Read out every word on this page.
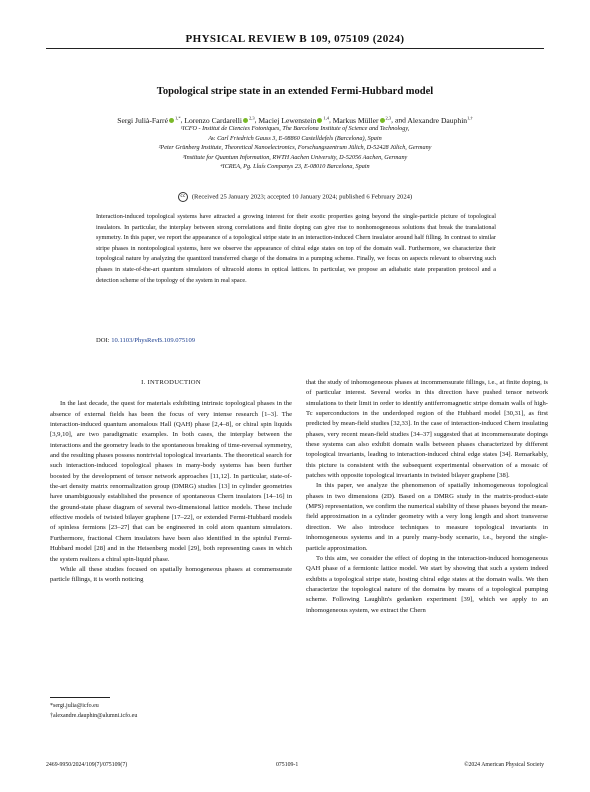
PHYSICAL REVIEW B 109, 075109 (2024)
Topological stripe state in an extended Fermi-Hubbard model
Sergi Julià-Farré $^{1,*}$, Lorenzo Cardarelli $^{2,3}$, Maciej Lewenstein $^{1,4}$, Markus Müller $^{2,3}$, and Alexandre Dauphin$^{1,\dagger}$
¹ICFO - Institut de Ciencies Fotoniques, The Barcelona Institute of Science and Technology,
Av. Carl Friedrich Gauss 3, E-08860 Castelldefels (Barcelona), Spain
²Peter Grünberg Institute, Theoretical Nanoelectronics, Forschungszentrum Jülich, D-52428 Jülich, Germany
³Institute for Quantum Information, RWTH Aachen University, D-52056 Aachen, Germany
⁴ICREA, Pg. Lluís Companys 23, E-08010 Barcelona, Spain
cc (Received 25 January 2023; accepted 10 January 2024; published 6 February 2024)
Interaction-induced topological systems have attracted a growing interest for their exotic properties going beyond the single-particle picture of topological insulators. In particular, the interplay between strong correlations and finite doping can give rise to nonhomogeneous solutions that break the translational symmetry. In this paper, we report the appearance of a topological stripe state in an interaction-induced Chern insulator around half filling. In contrast to similar stripe phases in nontopological systems, here we observe the appearance of chiral edge states on top of the domain wall. Furthermore, we characterize their topological nature by analyzing the quantized transferred charge of the domains in a pumping scheme. Finally, we focus on aspects relevant to observing such phases in state-of-the-art quantum simulators of ultracold atoms in optical lattices. In particular, we propose an adiabatic state preparation protocol and a detection scheme of the topology of the system in real space.
DOI: 10.1103/PhysRevB.109.075109
I. INTRODUCTION

In the last decade, the quest for materials exhibiting intrinsic topological phases in the absence of external fields has been the focus of very intense research [1–3]. The interaction-induced quantum anomalous Hall (QAH) phase [2,4–8], or chiral spin liquids [3,9,10], are two paradigmatic examples. In both cases, the interplay between the interactions and the geometry leads to the spontaneous breaking of time-reversal symmetry, and the resulting phases possess nontrivial topological invariants. The theoretical search for such interaction-induced topological phases in many-body systems has been further boosted by the development of tensor network approaches [11,12]. In particular, state-of-the-art density matrix renormalization group (DMRG) studies [13] in cylinder geometries have unambiguously established the presence of spontaneous Chern insulators [14–16] in the ground-state phase diagram of several two-dimensional lattice models. These include effective models of twisted bilayer graphene [17–22], or extended Fermi-Hubbard models of spinless fermions [23–27] that can be engineered in cold atom quantum simulators. Furthermore, fractional Chern insulators have been also identified in the spinful Fermi-Hubbard model [28] and in the Heisenberg model [29], both representing cases in which the system realizes a chiral spin-liquid phase.

While all these studies focused on spatially homogeneous phases at commensurate particle fillings, it is worth noticing

that the study of inhomogeneous phases at incommensurate fillings, i.e., at finite doping, is of particular interest. Several works in this direction have pushed tensor network simulations to their limit in order to identify antiferromagnetic stripe domain walls of high-Tc superconductors in the underdoped region of the Hubbard model [30,31], as first predicted by mean-field studies [32,33]. In the case of interaction-induced Chern insulating phases, very recent mean-field studies [34–37] suggested that at incommensurate dopings these systems can also exhibit domain walls between phases characterized by different topological invariants, leading to interaction-induced chiral edge states [34]. Remarkably, this picture is consistent with the subsequent experimental observation of a mosaic of patches with opposite topological invariants in twisted bilayer graphene [38].

In this paper, we analyze the phenomenon of spatially inhomogeneous topological phases in two dimensions (2D). Based on a DMRG study in the matrix-product-state (MPS) representation, we confirm the numerical stability of these phases beyond the mean-field approximation in a cylinder geometry with a very long length and short transverse direction. We also introduce techniques to measure topological invariants in inhomogeneous systems and in a purely many-body scenario, i.e., beyond the single-particle approximation.

To this aim, we consider the effect of doping in the interaction-induced homogeneous QAH phase of a fermionic lattice model. We start by showing that such a system indeed exhibits a topological stripe state, hosting chiral edge states at the domain walls. We then characterize the topological nature of the domains by means of a topological pumping scheme. Following Laughlin's gedanken experiment [39], which we apply to an inhomogeneous system, we extract the Chern

*sergi.julia@icfo.eu
†alexandre.dauphin@alumni.icfo.eu
2469-9950/2024/109(7)/075109(7)	075109-1	©2024 American Physical Society
